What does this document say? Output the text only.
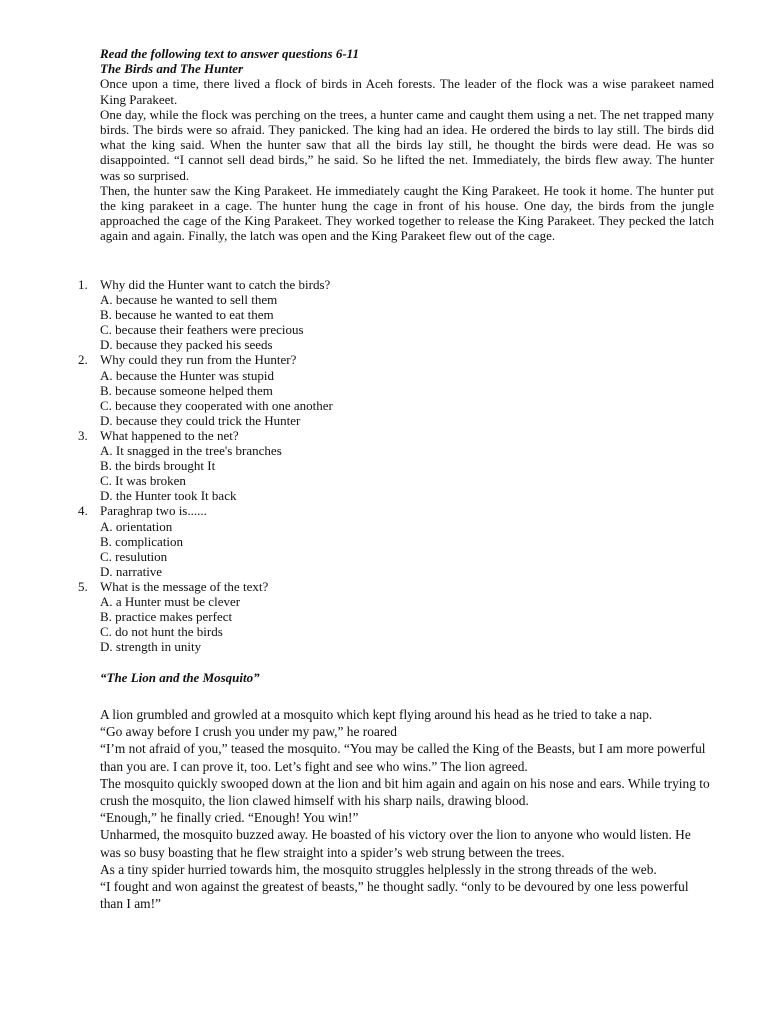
Read the following text to answer questions 6-11

The Birds and The Hunter

Once upon a time, there lived a flock of birds in Aceh forests. The leader of the flock was a wise parakeet named King Parakeet.

One day, while the flock was perching on the trees, a hunter came and caught them using a net. The net trapped many birds. The birds were so afraid. They panicked. The king had an idea. He ordered the birds to lay still. The birds did what the king said. When the hunter saw that all the birds lay still, he thought the birds were dead. He was so disappointed. “I cannot sell dead birds,” he said. So he lifted the net. Immediately, the birds flew away. The hunter was so surprised.

Then, the hunter saw the King Parakeet. He immediately caught the King Parakeet. He took it home. The hunter put the king parakeet in a cage. The hunter hung the cage in front of his house. One day, the birds from the jungle approached the cage of the King Parakeet. They worked together to release the King Parakeet. They pecked the latch again and again. Finally, the latch was open and the King Parakeet flew out of the cage.

1. Why did the Hunter want to catch the birds?
A. because he wanted to sell them
B. because he wanted to eat them
C. because their feathers were precious
D. because they packed his seeds
2. Why could they run from the Hunter?
A. because the Hunter was stupid
B. because someone helped them
C. because they cooperated with one another
D. because they could trick the Hunter
3. What happened to the net?
A. It snagged in the tree's branches
B. the birds brought It
C. It was broken
D. the Hunter took It back
4. Paraghrap two is......
A. orientation
B. complication
C. resulution
D. narrative
5. What is the message of the text?
A. a Hunter must be clever
B. practice makes perfect
C. do not hunt the birds
D. strength in unity

“The Lion and the Mosquito”

A lion grumbled and growled at a mosquito which kept flying around his head as he tried to take a nap.

“Go away before I crush you under my paw,” he roared

“I’m not afraid of you,” teased the mosquito. “You may be called the King of the Beasts, but I am more powerful than you are. I can prove it, too. Let’s fight and see who wins.” The lion agreed.

The mosquito quickly swooped down at the lion and bit him again and again on his nose and ears. While trying to crush the mosquito, the lion clawed himself with his sharp nails, drawing blood.

“Enough,” he finally cried. “Enough! You win!”

Unharmed, the mosquito buzzed away. He boasted of his victory over the lion to anyone who would listen. He was so busy boasting that he flew straight into a spider’s web strung between the trees.

As a tiny spider hurried towards him, the mosquito struggles helplessly in the strong threads of the web.

“I fought and won against the greatest of beasts,” he thought sadly. “only to be devoured by one less powerful than I am!”
